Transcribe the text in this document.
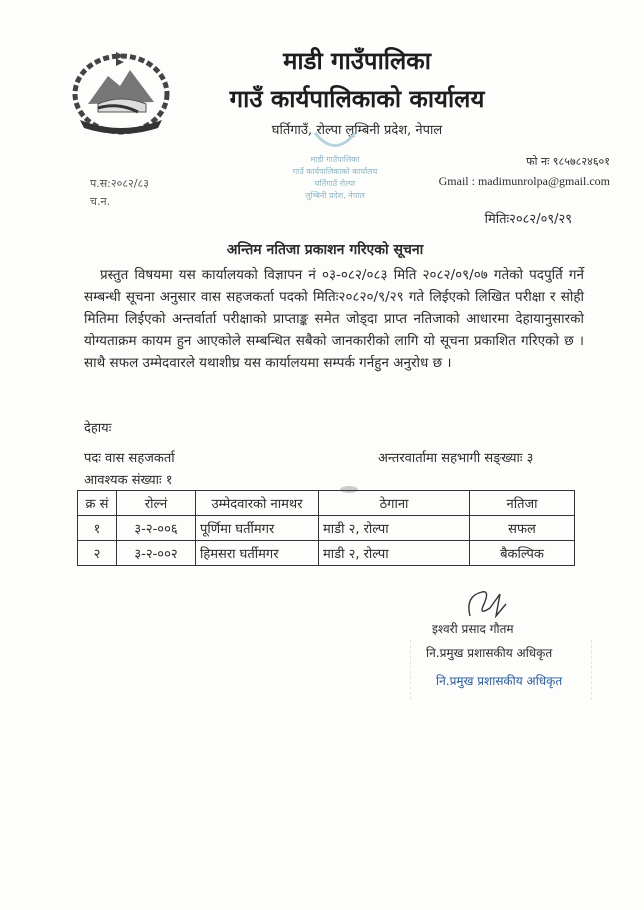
माडी गाउँपालिका
गाउँ कार्यपालिकाको कार्यालय
घर्तिगाउँ, रोल्पा लुम्बिनी प्रदेश, नेपाल
माडी गाउँपालिका
गाउँ कार्यपालिकाको कार्यालय
घर्तिगाउँ रोल्पा
लुम्बिनी प्रदेश, नेपाल
फो नः ९८५७८२४६०१
Gmail : madimunrolpa@gmail.com
प.स:२०८२/८३
च.न.
मितिः२०८२/०९/२९
अन्तिम नतिजा प्रकाशन गरिएको सूचना
प्रस्तुत विषयमा यस कार्यालयको विज्ञापन नं ०३-०८२/०८३ मिति २०८२/०९/०७ गतेको पदपुर्ति गर्ने सम्बन्धी सूचना अनुसार वास सहजकर्ता पदको मितिः२०८२०/९/२९ गते लिईएको लिखित परीक्षा र सोही मितिमा लिईएको अन्तर्वार्ता परीक्षाको प्राप्ताङ्क समेत जोड्दा प्राप्त नतिजाको आधारमा देहायानुसारको योग्यताक्रम कायम हुन आएकोले सम्बन्धित सबैको जानकारीको लागि यो सूचना प्रकाशित गरिएको छ । साथै सफल उम्मेदवारले यथाशीघ्र यस कार्यालयमा सम्पर्क गर्नहुन अनुरोध छ ।
देहायः
पदः वास सहजकर्ता	अन्तरवार्तामा सहभागी सङ्ख्याः ३
आवश्यक संख्याः १
क्र सं	रोल्नं	उम्मेदवारको नामथर	ठेगाना	नतिजा
१	३-२-००६	पूर्णिमा घर्तीमगर	माडी २, रोल्पा	सफल
२	३-२-००२	हिमसरा घर्तीमगर	माडी २, रोल्पा	बैकल्पिक
इश्वरी प्रसाद गौतम
नि.प्रमुख प्रशासकीय अधिकृत
नि.प्रमुख प्रशासकीय अधिकृत
